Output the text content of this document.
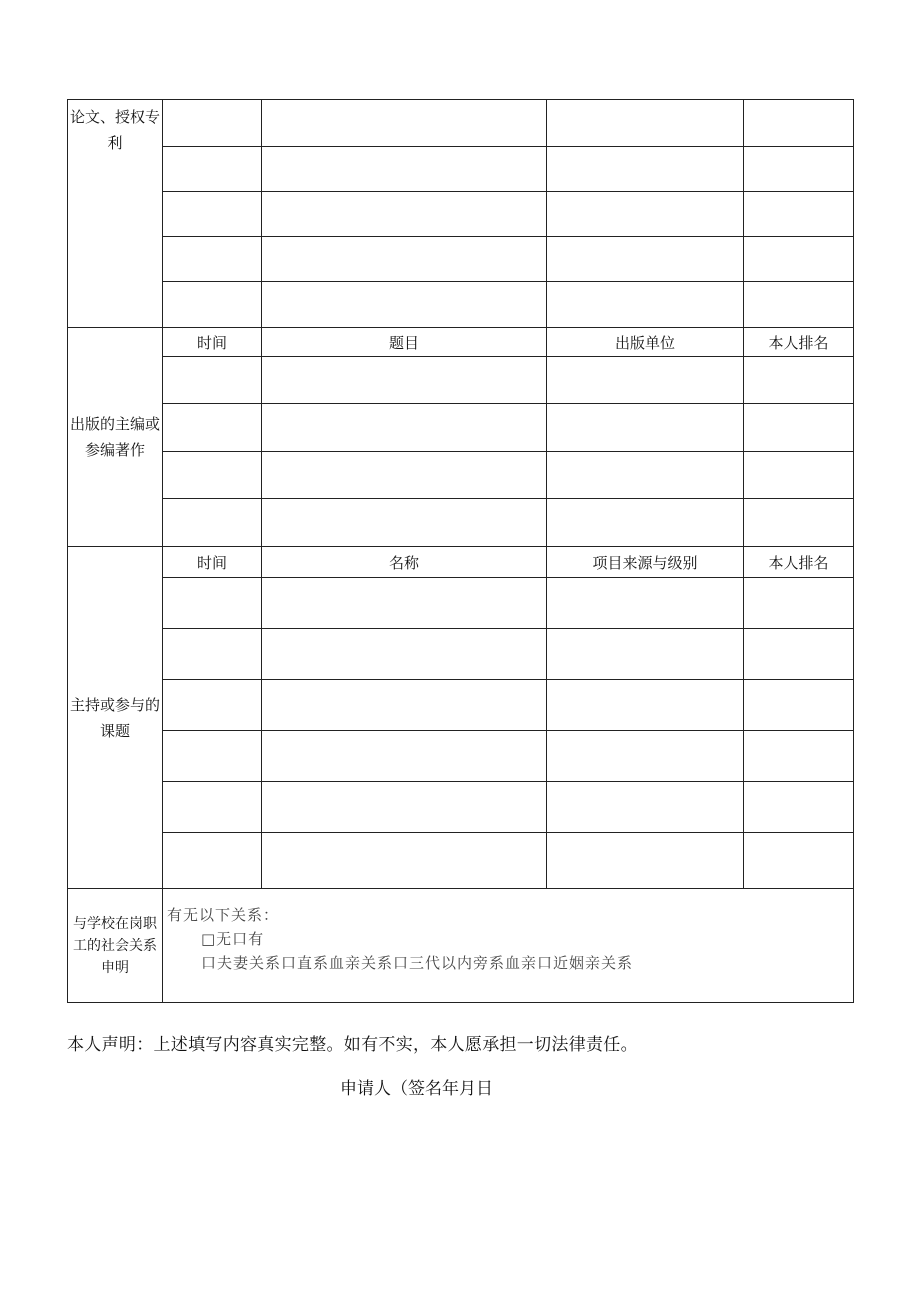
论文、授权专利				

出版的主编或参编著作	时间	题目	出版单位	本人排名

主持或参与的课题	时间	名称	项目来源与级别	本人排名

与学校在岗职工的社会关系申明	有无以下关系：
□无口有
口夫妻关系口直系血亲关系口三代以内旁系血亲口近姻亲关系			
本人声明：上述填写内容真实完整。如有不实，本人愿承担一切法律责任。
申请人（签名年月日
